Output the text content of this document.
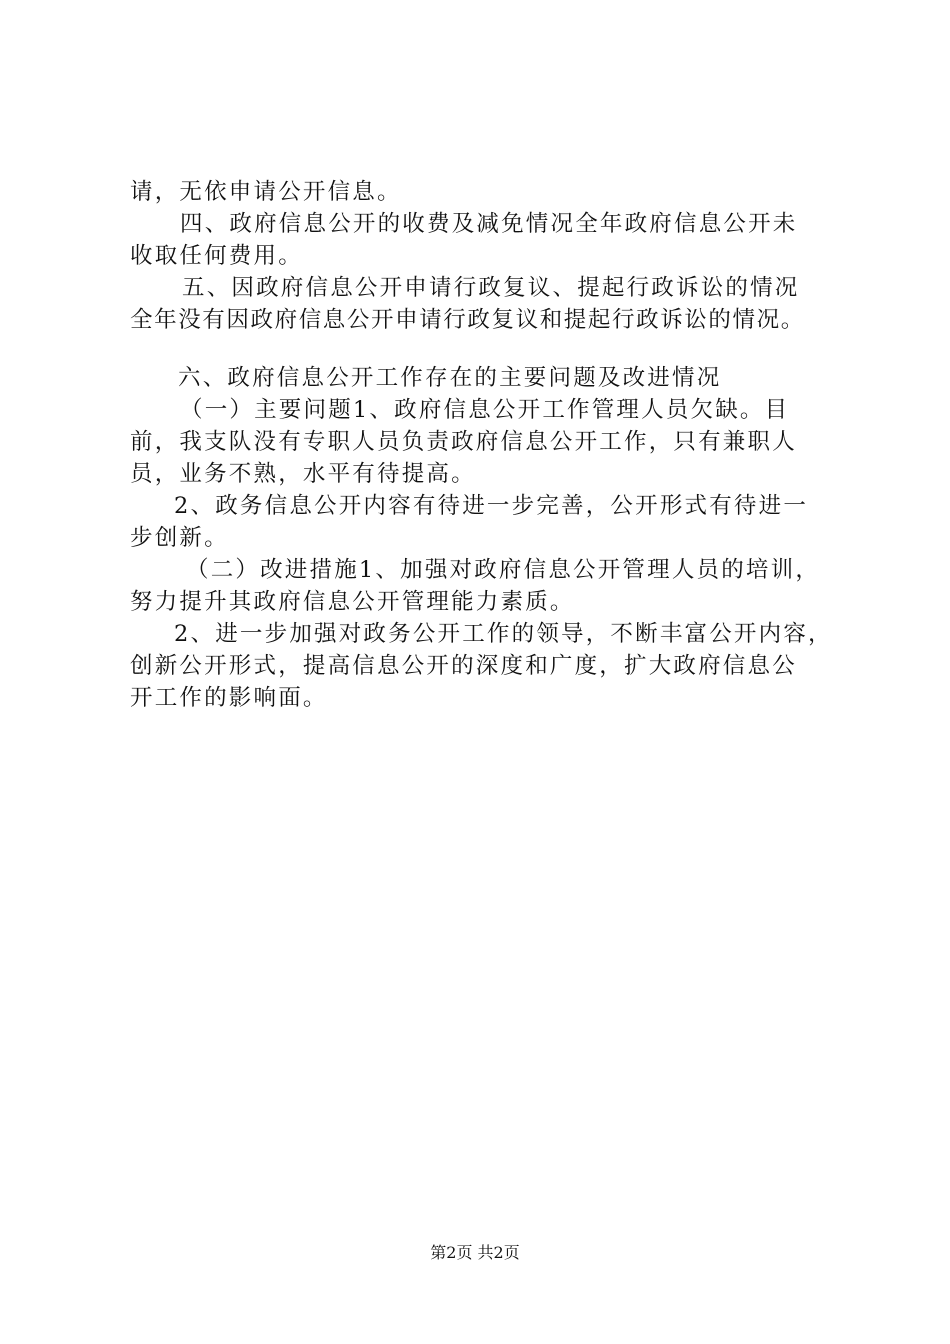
请，无依申请公开信息。
四、政府信息公开的收费及减免情况全年政府信息公开未
收取任何费用。
五、因政府信息公开申请行政复议、提起行政诉讼的情况
全年没有因政府信息公开申请行政复议和提起行政诉讼的情况。
六、政府信息公开工作存在的主要问题及改进情况
（一）主要问题1、政府信息公开工作管理人员欠缺。目
前，我支队没有专职人员负责政府信息公开工作，只有兼职人
员，业务不熟，水平有待提高。
2、政务信息公开内容有待进一步完善，公开形式有待进一
步创新。
（二）改进措施1、加强对政府信息公开管理人员的培训，
努力提升其政府信息公开管理能力素质。
2、进一步加强对政务公开工作的领导，不断丰富公开内容，
创新公开形式，提高信息公开的深度和广度，扩大政府信息公
开工作的影响面。
第2页 共2页
